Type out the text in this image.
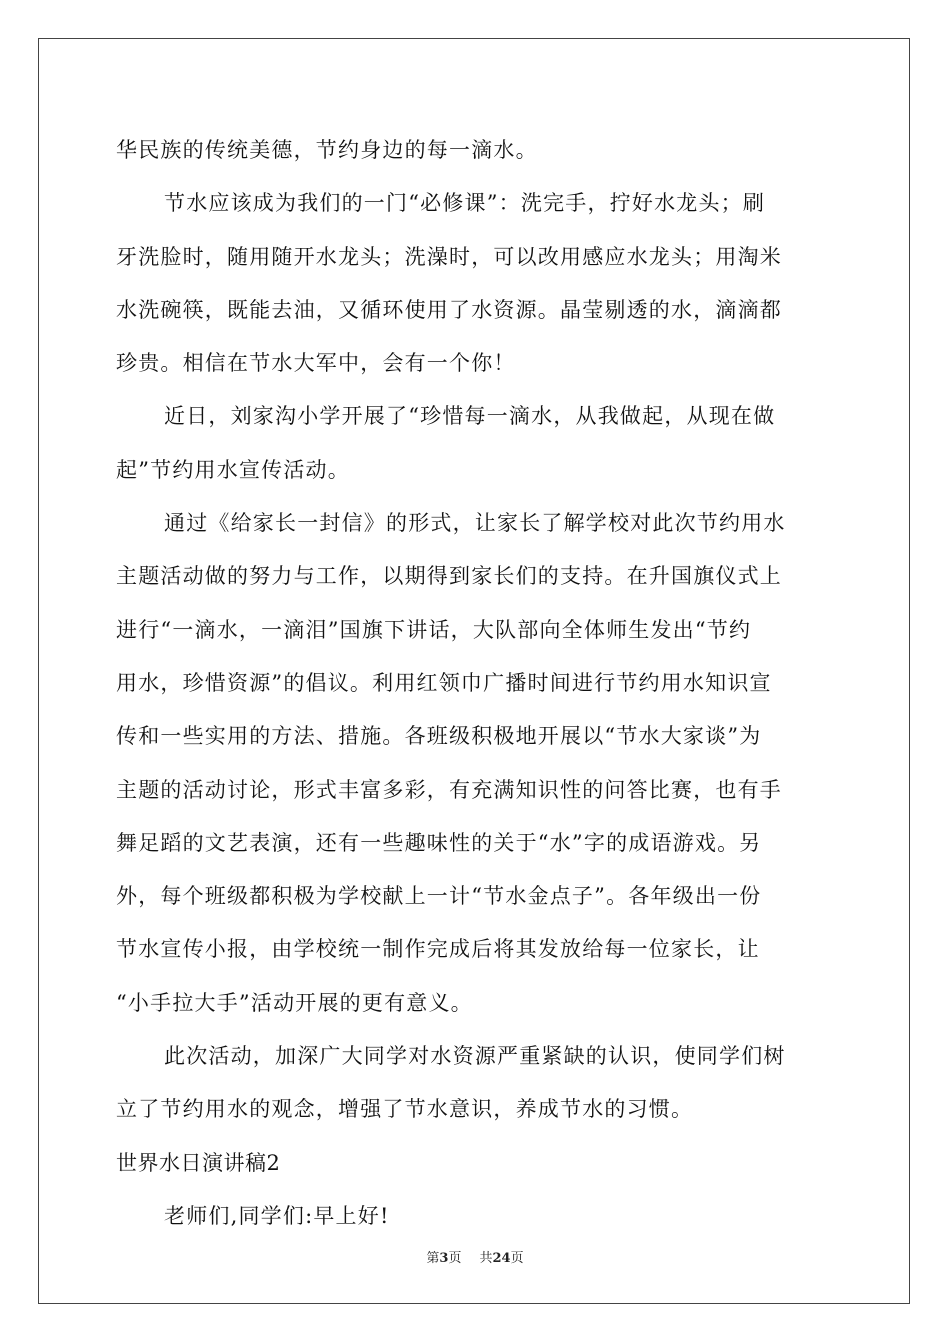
华民族的传统美德，节约身边的每一滴水。
节水应该成为我们的一门“必修课”：洗完手，拧好水龙头；刷
牙洗脸时，随用随开水龙头；洗澡时，可以改用感应水龙头；用淘米
水洗碗筷，既能去油，又循环使用了水资源。晶莹剔透的水，滴滴都
珍贵。相信在节水大军中，会有一个你！
近日，刘家沟小学开展了“珍惜每一滴水，从我做起，从现在做
起”节约用水宣传活动。
通过《给家长一封信》的形式，让家长了解学校对此次节约用水
主题活动做的努力与工作，以期得到家长们的支持。在升国旗仪式上
进行“一滴水，一滴泪”国旗下讲话，大队部向全体师生发出“节约
用水，珍惜资源”的倡议。利用红领巾广播时间进行节约用水知识宣
传和一些实用的方法、措施。各班级积极地开展以“节水大家谈”为
主题的活动讨论，形式丰富多彩，有充满知识性的问答比赛，也有手
舞足蹈的文艺表演，还有一些趣味性的关于“水”字的成语游戏。另
外，每个班级都积极为学校献上一计“节水金点子”。各年级出一份
节水宣传小报，由学校统一制作完成后将其发放给每一位家长，让
“小手拉大手”活动开展的更有意义。
此次活动，加深广大同学对水资源严重紧缺的认识，使同学们树
立了节约用水的观念，增强了节水意识，养成节水的习惯。
世界水日演讲稿2
老师们,同学们:早上好!
第3页 共24页
